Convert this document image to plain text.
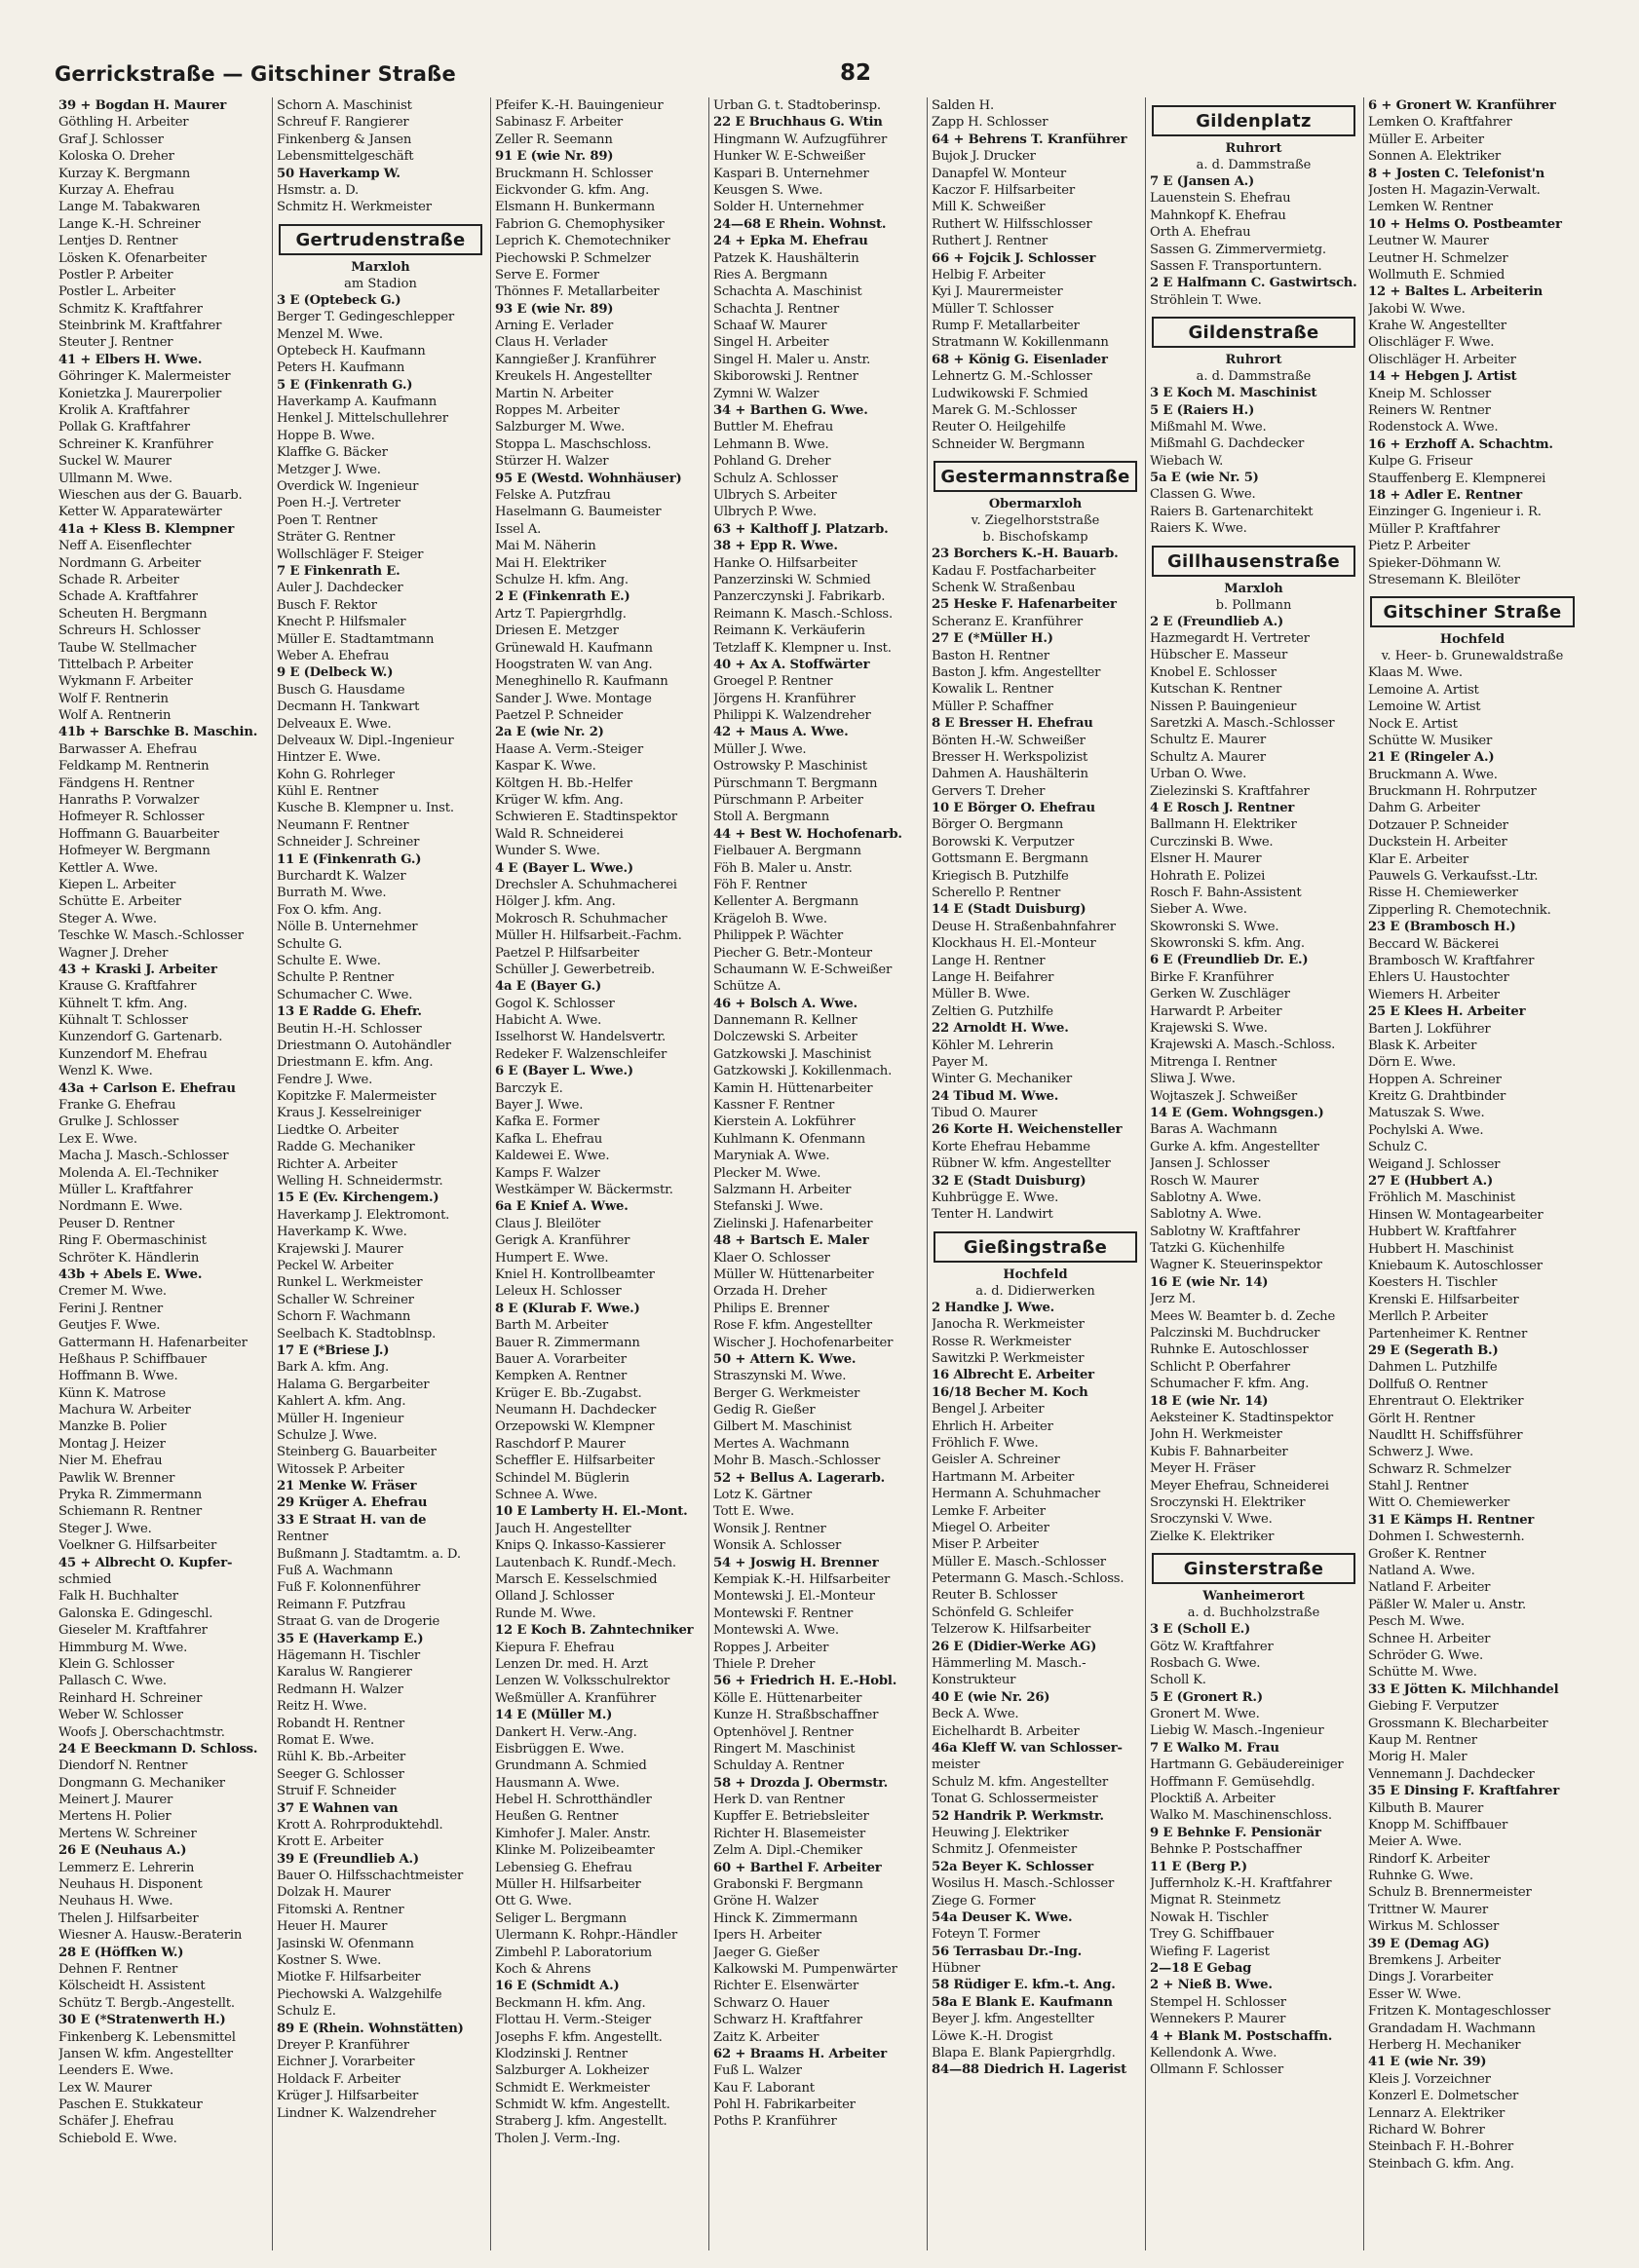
Gerrickstraße — Gitschiner Straße	82
39 + Bogdan H. Maurer
Göthling H. Arbeiter
Graf J. Schlosser
Koloska O. Dreher
Kurzay K. Bergmann
Kurzay A. Ehefrau
Lange M. Tabakwaren
Lange K.-H. Schreiner
Lentjes D. Rentner
Lösken K. Ofenarbeiter
Postler P. Arbeiter
Postler L. Arbeiter
Schmitz K. Kraftfahrer
Steinbrink M. Kraftfahrer
Steuter J. Rentner
41 + Elbers H. Wwe.
Göhringer K. Malermeister
Konietzka J. Maurerpolier
Krolik A. Kraftfahrer
Pollak G. Kraftfahrer
Schreiner K. Kranführer
Suckel W. Maurer
Ullmann M. Wwe.
Wieschen aus der G. Bauarb.
Ketter W. Apparatewärter
41a + Kless B. Klempner
Neff A. Eisenflechter
Nordmann G. Arbeiter
Schade R. Arbeiter
Schade A. Kraftfahrer
Scheuten H. Bergmann
Schreurs H. Schlosser
Taube W. Stellmacher
Tittelbach P. Arbeiter
Wykmann F. Arbeiter
Wolf F. Rentnerin
Wolf A. Rentnerin
41b + Barschke B. Maschin.
Barwasser A. Ehefrau
Feldkamp M. Rentnerin
Fändgens H. Rentner
Hanraths P. Vorwalzer
Hofmeyer R. Schlosser
Hoffmann G. Bauarbeiter
Hofmeyer W. Bergmann
Kettler A. Wwe.
Kiepen L. Arbeiter
Schütte E. Arbeiter
Steger A. Wwe.
Teschke W. Masch.-Schlosser
Wagner J. Dreher
43 + Kraski J. Arbeiter
Krause G. Kraftfahrer
Kühnelt T. kfm. Ang.
Kühnalt T. Schlosser
Kunzendorf G. Gartenarb.
Kunzendorf M. Ehefrau
Wenzl K. Wwe.
43a + Carlson E. Ehefrau
Franke G. Ehefrau
Grulke J. Schlosser
Lex E. Wwe.
Macha J. Masch.-Schlosser
Molenda A. El.-Techniker
Müller L. Kraftfahrer
Nordmann E. Wwe.
Peuser D. Rentner
Ring F. Obermaschinist
Schröter K. Händlerin
43b + Abels E. Wwe.
Cremer M. Wwe.
Ferini J. Rentner
Geutjes F. Wwe.
Gattermann H. Hafenarbeiter
Heßhaus P. Schiffbauer
Hoffmann B. Wwe.
Künn K. Matrose
Machura W. Arbeiter
Manzke B. Polier
Montag J. Heizer
Nier M. Ehefrau
Pawlik W. Brenner
Pryka R. Zimmermann
Schiemann R. Rentner
Steger J. Wwe.
Voelkner G. Hilfsarbeiter
45 + Albrecht O. Kupfer-
schmied
Falk H. Buchhalter
Galonska E. Gdingeschl.
Gieseler M. Kraftfahrer
Himmburg M. Wwe.
Klein G. Schlosser
Pallasch C. Wwe.
Reinhard H. Schreiner
Weber W. Schlosser
Woofs J. Oberschachtmstr.
24 E Beeckmann D. Schloss.
Diendorf N. Rentner
Dongmann G. Mechaniker
Meinert J. Maurer
Mertens H. Polier
Mertens W. Schreiner
26 E (Neuhaus A.)
Lemmerz E. Lehrerin
Neuhaus H. Disponent
Neuhaus H. Wwe.
Thelen J. Hilfsarbeiter
Wiesner A. Hausw.-Beraterin
28 E (Höffken W.)
Dehnen F. Rentner
Kölscheidt H. Assistent
Schütz T. Bergb.-Angestellt.
30 E (*Stratenwerth H.)
Finkenberg K. Lebensmittel
Jansen W. kfm. Angestellter
Leenders E. Wwe.
Lex W. Maurer
Paschen E. Stukkateur
Schäfer J. Ehefrau
Schiebold E. Wwe.
Schorn A. Maschinist
Schreuf F. Rangierer
Finkenberg & Jansen
Lebensmittelgeschäft
50 Haverkamp W.
Hsmstr. a. D.
Schmitz H. Werkmeister
Gertrudenstraße
Marxloh
am Stadion
3 E (Optebeck G.)
Berger T. Gedingeschlepper
Menzel M. Wwe.
Optebeck H. Kaufmann
Peters H. Kaufmann
5 E (Finkenrath G.)
Haverkamp A. Kaufmann
Henkel J. Mittelschullehrer
Hoppe B. Wwe.
Klaffke G. Bäcker
Metzger J. Wwe.
Overdick W. Ingenieur
Poen H.-J. Vertreter
Poen T. Rentner
Sträter G. Rentner
Wollschläger F. Steiger
7 E Finkenrath E.
Auler J. Dachdecker
Busch F. Rektor
Knecht P. Hilfsmaler
Müller E. Stadtamtmann
Weber A. Ehefrau
9 E (Delbeck W.)
Busch G. Hausdame
Decmann H. Tankwart
Delveaux E. Wwe.
Delveaux W. Dipl.-Ingenieur
Hintzer E. Wwe.
Kohn G. Rohrleger
Kühl E. Rentner
Kusche B. Klempner u. Inst.
Neumann F. Rentner
Schneider J. Schreiner
11 E (Finkenrath G.)
Burchardt K. Walzer
Burrath M. Wwe.
Fox O. kfm. Ang.
Nölle B. Unternehmer
Schulte G.
Schulte E. Wwe.
Schulte P. Rentner
Schumacher C. Wwe.
13 E Radde G. Ehefr.
Beutin H.-H. Schlosser
Driestmann O. Autohändler
Driestmann E. kfm. Ang.
Fendre J. Wwe.
Kopitzke F. Malermeister
Kraus J. Kesselreiniger
Liedtke O. Arbeiter
Radde G. Mechaniker
Richter A. Arbeiter
Welling H. Schneidermstr.
15 E (Ev. Kirchengem.)
Haverkamp J. Elektromont.
Haverkamp K. Wwe.
Krajewski J. Maurer
Peckel W. Arbeiter
Runkel L. Werkmeister
Schaller W. Schreiner
Schorn F. Wachmann
Seelbach K. Stadtoblnsp.
17 E (*Briese J.)
Bark A. kfm. Ang.
Halama G. Bergarbeiter
Kahlert A. kfm. Ang.
Müller H. Ingenieur
Schulze J. Wwe.
Steinberg G. Bauarbeiter
Witossek P. Arbeiter
21 Menke W. Fräser
29 Krüger A. Ehefrau
33 E Straat H. van de
Rentner
Bußmann J. Stadtamtm. a. D.
Fuß A. Wachmann
Fuß F. Kolonnenführer
Reimann F. Putzfrau
Straat G. van de Drogerie
35 E (Haverkamp E.)
Hägemann H. Tischler
Karalus W. Rangierer
Redmann H. Walzer
Reitz H. Wwe.
Robandt H. Rentner
Romat E. Wwe.
Rühl K. Bb.-Arbeiter
Seeger G. Schlosser
Struif F. Schneider
37 E Wahnen van
Krott A. Rohrproduktehdl.
Krott E. Arbeiter
39 E (Freundlieb A.)
Bauer O. Hilfsschachtmeister
Dolzak H. Maurer
Fitomski A. Rentner
Heuer H. Maurer
Jasinski W. Ofenmann
Kostner S. Wwe.
Miotke F. Hilfsarbeiter
Piechowski A. Walzgehilfe
Schulz E.
89 E (Rhein. Wohnstätten)
Dreyer P. Kranführer
Eichner J. Vorarbeiter
Holdack F. Arbeiter
Krüger J. Hilfsarbeiter
Lindner K. Walzendreher
Pfeifer K.-H. Bauingenieur
Sabinasz F. Arbeiter
Zeller R. Seemann
91 E (wie Nr. 89)
Bruckmann H. Schlosser
Eickvonder G. kfm. Ang.
Elsmann H. Bunkermann
Fabrion G. Chemophysiker
Leprich K. Chemotechniker
Piechowski P. Schmelzer
Serve E. Former
Thönnes F. Metallarbeiter
93 E (wie Nr. 89)
Arning E. Verlader
Claus H. Verlader
Kanngießer J. Kranführer
Kreukels H. Angestellter
Martin N. Arbeiter
Roppes M. Arbeiter
Salzburger M. Wwe.
Stoppa L. Maschschloss.
Stürzer H. Walzer
95 E (Westd. Wohnhäuser)
Felske A. Putzfrau
Haselmann G. Baumeister
Issel A.
Mai M. Näherin
Mai H. Elektriker
Schulze H. kfm. Ang.
2 E (Finkenrath E.)
Artz T. Papiergrhdlg.
Driesen E. Metzger
Grünewald H. Kaufmann
Hoogstraten W. van Ang.
Meneghinello R. Kaufmann
Sander J. Wwe. Montage
Paetzel P. Schneider
2a E (wie Nr. 2)
Haase A. Verm.-Steiger
Kaspar K. Wwe.
Költgen H. Bb.-Helfer
Krüger W. kfm. Ang.
Schwieren E. Stadtinspektor
Wald R. Schneiderei
Wunder S. Wwe.
4 E (Bayer L. Wwe.)
Drechsler A. Schuhmacherei
Hölger J. kfm. Ang.
Mokrosch R. Schuhmacher
Müller H. Hilfsarbeit.-Fachm.
Paetzel P. Hilfsarbeiter
Schüller J. Gewerbetreib.
4a E (Bayer G.)
Gogol K. Schlosser
Habicht A. Wwe.
Isselhorst W. Handelsvertr.
Redeker F. Walzenschleifer
6 E (Bayer L. Wwe.)
Barczyk E.
Bayer J. Wwe.
Kafka E. Former
Kafka L. Ehefrau
Kaldewei E. Wwe.
Kamps F. Walzer
Westkämper W. Bäckermstr.
6a E Knief A. Wwe.
Claus J. Bleilöter
Gerigk A. Kranführer
Humpert E. Wwe.
Kniel H. Kontrollbeamter
Leleux H. Schlosser
8 E (Klurab F. Wwe.)
Barth M. Arbeiter
Bauer R. Zimmermann
Bauer A. Vorarbeiter
Kempken A. Rentner
Krüger E. Bb.-Zugabst.
Neumann H. Dachdecker
Orzepowski W. Klempner
Raschdorf P. Maurer
Scheffler E. Hilfsarbeiter
Schindel M. Büglerin
Schnee A. Wwe.
10 E Lamberty H. El.-Mont.
Jauch H. Angestellter
Knips Q. Inkasso-Kassierer
Lautenbach K. Rundf.-Mech.
Marsch E. Kesselschmied
Olland J. Schlosser
Runde M. Wwe.
12 E Koch B. Zahntechniker
Kiepura F. Ehefrau
Lenzen Dr. med. H. Arzt
Lenzen W. Volksschulrektor
Weßmüller A. Kranführer
14 E (Müller M.)
Dankert H. Verw.-Ang.
Eisbrüggen E. Wwe.
Grundmann A. Schmied
Hausmann A. Wwe.
Hebel H. Schrotthändler
Heußen G. Rentner
Kimhofer J. Maler. Anstr.
Klinke M. Polizeibeamter
Lebensieg G. Ehefrau
Müller H. Hilfsarbeiter
Ott G. Wwe.
Seliger L. Bergmann
Ulermann K. Rohpr.-Händler
Zimbehl P. Laboratorium
Koch & Ahrens
16 E (Schmidt A.)
Beckmann H. kfm. Ang.
Flottau H. Verm.-Steiger
Josephs F. kfm. Angestellt.
Klodzinski J. Rentner
Salzburger A. Lokheizer
Schmidt E. Werkmeister
Schmidt W. kfm. Angestellt.
Straberg J. kfm. Angestellt.
Tholen J. Verm.-Ing.
Urban G. t. Stadtoberinsp.
22 E Bruchhaus G. Wtin
Hingmann W. Aufzugführer
Hunker W. E-Schweißer
Kaspari B. Unternehmer
Keusgen S. Wwe.
Solder H. Unternehmer
24—68 E Rhein. Wohnst.
24 + Epka M. Ehefrau
Patzek K. Haushälterin
Ries A. Bergmann
Schachta A. Maschinist
Schachta J. Rentner
Schaaf W. Maurer
Singel H. Arbeiter
Singel H. Maler u. Anstr.
Skiborowski J. Rentner
Zymni W. Walzer
34 + Barthen G. Wwe.
Buttler M. Ehefrau
Lehmann B. Wwe.
Pohland G. Dreher
Schulz A. Schlosser
Ulbrych S. Arbeiter
Ulbrych P. Wwe.
63 + Kalthoff J. Platzarb.
38 + Epp R. Wwe.
Hanke O. Hilfsarbeiter
Panzerzinski W. Schmied
Panzerczynski J. Fabrikarb.
Reimann K. Masch.-Schloss.
Reimann K. Verkäuferin
Tetzlaff K. Klempner u. Inst.
40 + Ax A. Stoffwärter
Groegel P. Rentner
Jörgens H. Kranführer
Philippi K. Walzendreher
42 + Maus A. Wwe.
Müller J. Wwe.
Ostrowsky P. Maschinist
Pürschmann T. Bergmann
Pürschmann P. Arbeiter
Stoll A. Bergmann
44 + Best W. Hochofenarb.
Fielbauer A. Bergmann
Föh B. Maler u. Anstr.
Föh F. Rentner
Kellenter A. Bergmann
Krägeloh B. Wwe.
Philippek P. Wächter
Piecher G. Betr.-Monteur
Schaumann W. E-Schweißer
Schütze A.
46 + Bolsch A. Wwe.
Dannemann R. Kellner
Dolczewski S. Arbeiter
Gatzkowski J. Maschinist
Gatzkowski J. Kokillenmach.
Kamin H. Hüttenarbeiter
Kassner F. Rentner
Kierstein A. Lokführer
Kuhlmann K. Ofenmann
Maryniak A. Wwe.
Plecker M. Wwe.
Salzmann H. Arbeiter
Stefanski J. Wwe.
Zielinski J. Hafenarbeiter
48 + Bartsch E. Maler
Klaer O. Schlosser
Müller W. Hüttenarbeiter
Orzada H. Dreher
Philips E. Brenner
Rose F. kfm. Angestellter
Wischer J. Hochofenarbeiter
50 + Attern K. Wwe.
Straszynski M. Wwe.
Berger G. Werkmeister
Gedig R. Gießer
Gilbert M. Maschinist
Mertes A. Wachmann
Mohr B. Masch.-Schlosser
52 + Bellus A. Lagerarb.
Lotz K. Gärtner
Tott E. Wwe.
Wonsik J. Rentner
Wonsik A. Schlosser
54 + Joswig H. Brenner
Kempiak K.-H. Hilfsarbeiter
Montewski J. El.-Monteur
Montewski F. Rentner
Montewski A. Wwe.
Roppes J. Arbeiter
Thiele P. Dreher
56 + Friedrich H. E.-Hobl.
Kölle E. Hüttenarbeiter
Kunze H. Straßbschaffner
Optenhövel J. Rentner
Ringert M. Maschinist
Schulday A. Rentner
58 + Drozda J. Obermstr.
Herk D. van Rentner
Kupffer E. Betriebsleiter
Richter H. Blasemeister
Zelm A. Dipl.-Chemiker
60 + Barthel F. Arbeiter
Grabonski F. Bergmann
Gröne H. Walzer
Hinck K. Zimmermann
Ipers H. Arbeiter
Jaeger G. Gießer
Kalkowski M. Pumpenwärter
Richter E. Elsenwärter
Schwarz O. Hauer
Schwarz H. Kraftfahrer
Zaitz K. Arbeiter
62 + Braams H. Arbeiter
Fuß L. Walzer
Kau F. Laborant
Pohl H. Fabrikarbeiter
Poths P. Kranführer
Salden H.
Zapp H. Schlosser
64 + Behrens T. Kranführer
Bujok J. Drucker
Danapfel W. Monteur
Kaczor F. Hilfsarbeiter
Mill K. Schweißer
Ruthert W. Hilfsschlosser
Ruthert J. Rentner
66 + Fojcik J. Schlosser
Helbig F. Arbeiter
Kyi J. Maurermeister
Müller T. Schlosser
Rump F. Metallarbeiter
Stratmann W. Kokillenmann
68 + König G. Eisenlader
Lehnertz G. M.-Schlosser
Ludwikowski F. Schmied
Marek G. M.-Schlosser
Reuter O. Heilgehilfe
Schneider W. Bergmann
Gestermannstraße
Obermarxloh
v. Ziegelhorststraße
b. Bischofskamp
23 Borchers K.-H. Bauarb.
Kadau F. Postfacharbeiter
Schenk W. Straßenbau
25 Heske F. Hafenarbeiter
Scheranz E. Kranführer
27 E (*Müller H.)
Baston H. Rentner
Baston J. kfm. Angestellter
Kowalik L. Rentner
Müller P. Schaffner
8 E Bresser H. Ehefrau
Bönten H.-W. Schweißer
Bresser H. Werkspolizist
Dahmen A. Haushälterin
Gervers T. Dreher
10 E Börger O. Ehefrau
Börger O. Bergmann
Borowski K. Verputzer
Gottsmann E. Bergmann
Kriegisch B. Putzhilfe
Scherello P. Rentner
14 E (Stadt Duisburg)
Deuse H. Straßenbahnfahrer
Klockhaus H. El.-Monteur
Lange H. Rentner
Lange H. Beifahrer
Müller B. Wwe.
Zeltien G. Putzhilfe
22 Arnoldt H. Wwe.
Köhler M. Lehrerin
Payer M.
Winter G. Mechaniker
24 Tibud M. Wwe.
Tibud O. Maurer
26 Korte H. Weichensteller
Korte Ehefrau Hebamme
Rübner W. kfm. Angestellter
32 E (Stadt Duisburg)
Kuhbrügge E. Wwe.
Tenter H. Landwirt
Gießingstraße
Hochfeld
a. d. Didierwerken
2 Handke J. Wwe.
Janocha R. Werkmeister
Rosse R. Werkmeister
Sawitzki P. Werkmeister
16 Albrecht E. Arbeiter
16/18 Becher M. Koch
Bengel J. Arbeiter
Ehrlich H. Arbeiter
Fröhlich F. Wwe.
Geisler A. Schreiner
Hartmann M. Arbeiter
Hermann A. Schuhmacher
Lemke F. Arbeiter
Miegel O. Arbeiter
Miser P. Arbeiter
Müller E. Masch.-Schlosser
Petermann G. Masch.-Schloss.
Reuter B. Schlosser
Schönfeld G. Schleifer
Telzerow K. Hilfsarbeiter
26 E (Didier-Werke AG)
Hämmerling M. Masch.-
Konstrukteur
40 E (wie Nr. 26)
Beck A. Wwe.
Eichelhardt B. Arbeiter
46a Kleff W. van Schlosser-
meister
Schulz M. kfm. Angestellter
Tonat G. Schlossermeister
52 Handrik P. Werkmstr.
Heuwing J. Elektriker
Schmitz J. Ofenmeister
52a Beyer K. Schlosser
Wosilus H. Masch.-Schlosser
Ziege G. Former
54a Deuser K. Wwe.
Foteyn T. Former
56 Terrasbau Dr.-Ing.
Hübner
58 Rüdiger E. kfm.-t. Ang.
58a E Blank E. Kaufmann
Beyer J. kfm. Angestellter
Löwe K.-H. Drogist
Blapa E. Blank Papiergrhdlg.
84—88 Diedrich H. Lagerist
Gildenplatz
Ruhrort
a. d. Dammstraße
7 E (Jansen A.)
Lauenstein S. Ehefrau
Mahnkopf K. Ehefrau
Orth A. Ehefrau
Sassen G. Zimmervermietg.
Sassen F. Transportuntern.
2 E Halfmann C. Gastwirtsch.
Ströhlein T. Wwe.
Gildenstraße
Ruhrort
a. d. Dammstraße
3 E Koch M. Maschinist
5 E (Raiers H.)
Mißmahl M. Wwe.
Mißmahl G. Dachdecker
Wiebach W.
5a E (wie Nr. 5)
Classen G. Wwe.
Raiers B. Gartenarchitekt
Raiers K. Wwe.
Gillhausenstraße
Marxloh
b. Pollmann
2 E (Freundlieb A.)
Hazmegardt H. Vertreter
Hübscher E. Masseur
Knobel E. Schlosser
Kutschan K. Rentner
Nissen P. Bauingenieur
Saretzki A. Masch.-Schlosser
Schultz E. Maurer
Schultz A. Maurer
Urban O. Wwe.
Zielezinski S. Kraftfahrer
4 E Rosch J. Rentner
Ballmann H. Elektriker
Curczinski B. Wwe.
Elsner H. Maurer
Hohrath E. Polizei
Rosch F. Bahn-Assistent
Sieber A. Wwe.
Skowronski S. Wwe.
Skowronski S. kfm. Ang.
6 E (Freundlieb Dr. E.)
Birke F. Kranführer
Gerken W. Zuschläger
Harwardt P. Arbeiter
Krajewski S. Wwe.
Krajewski A. Masch.-Schloss.
Mitrenga I. Rentner
Sliwa J. Wwe.
Wojtaszek J. Schweißer
14 E (Gem. Wohngsgen.)
Baras A. Wachmann
Gurke A. kfm. Angestellter
Jansen J. Schlosser
Rosch W. Maurer
Sablotny A. Wwe.
Sablotny A. Wwe.
Sablotny W. Kraftfahrer
Tatzki G. Küchenhilfe
Wagner K. Steuerinspektor
16 E (wie Nr. 14)
Jerz M.
Mees W. Beamter b. d. Zeche
Palczinski M. Buchdrucker
Ruhnke E. Autoschlosser
Schlicht P. Oberfahrer
Schumacher F. kfm. Ang.
18 E (wie Nr. 14)
Aeksteiner K. Stadtinspektor
John H. Werkmeister
Kubis F. Bahnarbeiter
Meyer H. Fräser
Meyer Ehefrau, Schneiderei
Sroczynski H. Elektriker
Sroczynski V. Wwe.
Zielke K. Elektriker
Ginsterstraße
Wanheimerort
a. d. Buchholzstraße
3 E (Scholl E.)
Götz W. Kraftfahrer
Rosbach G. Wwe.
Scholl K.
5 E (Gronert R.)
Gronert M. Wwe.
Liebig W. Masch.-Ingenieur
7 E Walko M. Frau
Hartmann G. Gebäudereiniger
Hoffmann F. Gemüsehdlg.
Plocktiß A. Arbeiter
Walko M. Maschinenschloss.
9 E Behnke F. Pensionär
Behnke P. Postschaffner
11 E (Berg P.)
Juffernholz K.-H. Kraftfahrer
Mignat R. Steinmetz
Nowak H. Tischler
Trey G. Schiffbauer
Wiefing F. Lagerist
2—18 E Gebag
2 + Nieß B. Wwe.
Stempel H. Schlosser
Wennekers P. Maurer
4 + Blank M. Postschaffn.
Kellendonk A. Wwe.
Ollmann F. Schlosser
6 + Gronert W. Kranführer
Lemken O. Kraftfahrer
Müller E. Arbeiter
Sonnen A. Elektriker
8 + Josten C. Telefonist'n
Josten H. Magazin-Verwalt.
Lemken W. Rentner
10 + Helms O. Postbeamter
Leutner W. Maurer
Leutner H. Schmelzer
Wollmuth E. Schmied
12 + Baltes L. Arbeiterin
Jakobi W. Wwe.
Krahe W. Angestellter
Olischläger F. Wwe.
Olischläger H. Arbeiter
14 + Hebgen J. Artist
Kneip M. Schlosser
Reiners W. Rentner
Rodenstock A. Wwe.
16 + Erzhoff A. Schachtm.
Kulpe G. Friseur
Stauffenberg E. Klempnerei
18 + Adler E. Rentner
Einzinger G. Ingenieur i. R.
Müller P. Kraftfahrer
Pietz P. Arbeiter
Spieker-Döhmann W.
Stresemann K. Bleilöter
Gitschiner Straße
Hochfeld
v. Heer- b. Grunewaldstraße
Klaas M. Wwe.
Lemoine A. Artist
Lemoine W. Artist
Nock E. Artist
Schütte W. Musiker
21 E (Ringeler A.)
Bruckmann A. Wwe.
Bruckmann H. Rohrputzer
Dahm G. Arbeiter
Dotzauer P. Schneider
Duckstein H. Arbeiter
Klar E. Arbeiter
Pauwels G. Verkaufsst.-Ltr.
Risse H. Chemiewerker
Zipperling R. Chemotechnik.
23 E (Brambosch H.)
Beccard W. Bäckerei
Brambosch W. Kraftfahrer
Ehlers U. Haustochter
Wiemers H. Arbeiter
25 E Klees H. Arbeiter
Barten J. Lokführer
Blask K. Arbeiter
Dörn E. Wwe.
Hoppen A. Schreiner
Kreitz G. Drahtbinder
Matuszak S. Wwe.
Pochylski A. Wwe.
Schulz C.
Weigand J. Schlosser
27 E (Hubbert A.)
Fröhlich M. Maschinist
Hinsen W. Montagearbeiter
Hubbert W. Kraftfahrer
Hubbert H. Maschinist
Kniebaum K. Autoschlosser
Koesters H. Tischler
Krenski E. Hilfsarbeiter
Merllch P. Arbeiter
Partenheimer K. Rentner
29 E (Segerath B.)
Dahmen L. Putzhilfe
Dollfuß O. Rentner
Ehrentraut O. Elektriker
Görlt H. Rentner
Naudltt H. Schiffsführer
Schwerz J. Wwe.
Schwarz R. Schmelzer
Stahl J. Rentner
Witt O. Chemiewerker
31 E Kämps H. Rentner
Dohmen I. Schwesternh.
Großer K. Rentner
Natland A. Wwe.
Natland F. Arbeiter
Päßler W. Maler u. Anstr.
Pesch M. Wwe.
Schnee H. Arbeiter
Schröder G. Wwe.
Schütte M. Wwe.
33 E Jötten K. Milchhandel
Giebing F. Verputzer
Grossmann K. Blecharbeiter
Kaup M. Rentner
Morig H. Maler
Vennemann J. Dachdecker
35 E Dinsing F. Kraftfahrer
Kilbuth B. Maurer
Knopp M. Schiffbauer
Meier A. Wwe.
Rindorf K. Arbeiter
Ruhnke G. Wwe.
Schulz B. Brennermeister
Trittner W. Maurer
Wirkus M. Schlosser
39 E (Demag AG)
Bremkens J. Arbeiter
Dings J. Vorarbeiter
Esser W. Wwe.
Fritzen K. Montageschlosser
Grandadam H. Wachmann
Herberg H. Mechaniker
41 E (wie Nr. 39)
Kleis J. Vorzeichner
Konzerl E. Dolmetscher
Lennarz A. Elektriker
Richard W. Bohrer
Steinbach F. H.-Bohrer
Steinbach G. kfm. Ang.
